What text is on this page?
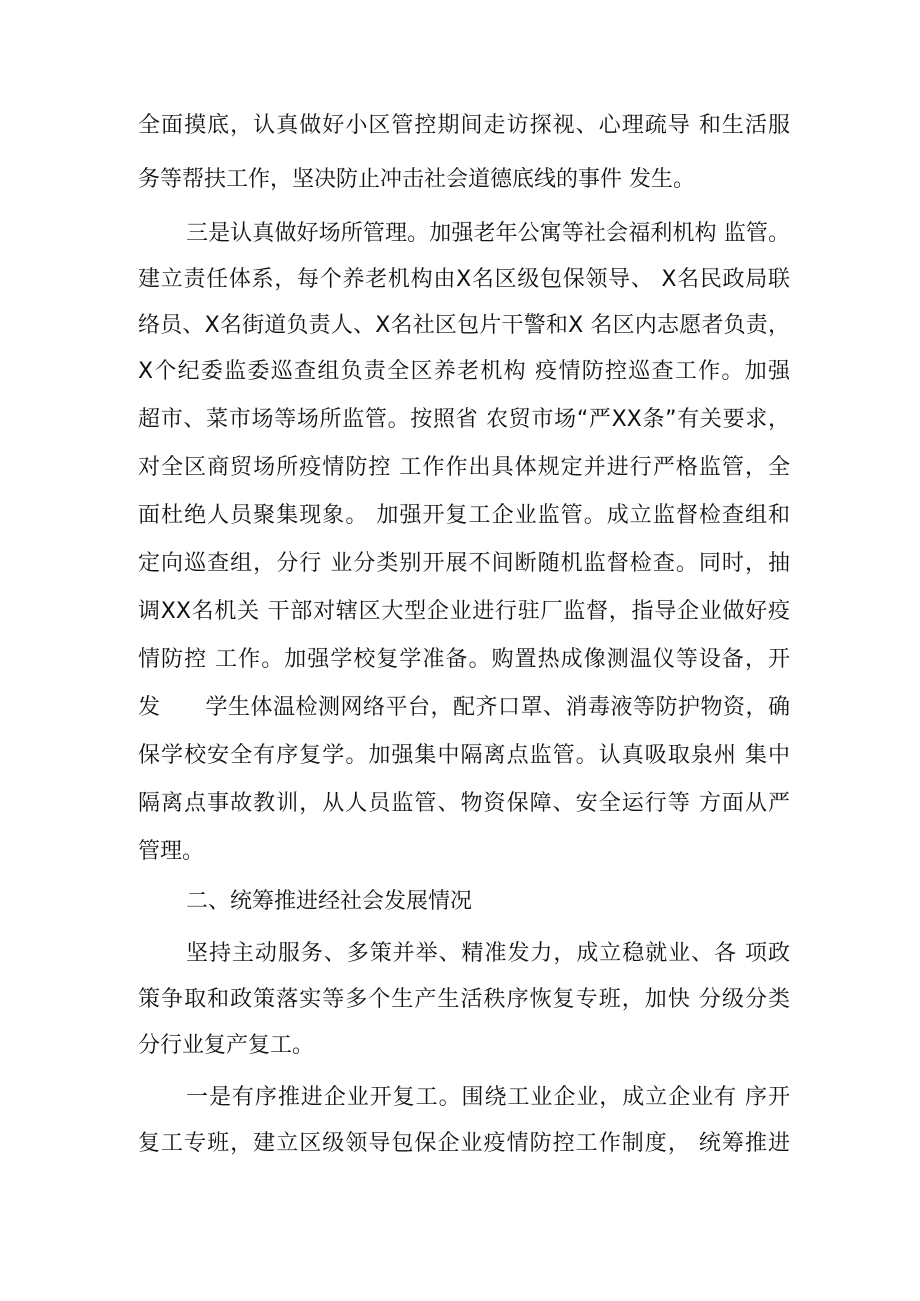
全面摸底，认真做好小区管控期间走访探视、心理疏导 和生活服
务等帮扶工作，坚决防止冲击社会道德底线的事件 发生。
三是认真做好场所管理。加强老年公寓等社会福利机构 监管。
建立责任体系，每个养老机构由X名区级包保领导、 X名民政局联
络员、X名街道负责人、X名社区包片干警和X 名区内志愿者负责，
X个纪委监委巡查组负责全区养老机构 疫情防控巡查工作。加强
超市、菜市场等场所监管。按照省 农贸市场“严XX条”有关要求，
对全区商贸场所疫情防控 工作作出具体规定并进行严格监管，全
面杜绝人员聚集现象。 加强开复工企业监管。成立监督检查组和
定向巡查组，分行 业分类别开展不间断随机监督检查。同时，抽
调XX名机关 干部对辖区大型企业进行驻厂监督，指导企业做好疫
情防控 工作。加强学校复学准备。购置热成像测温仪等设备，开
发      学生体温检测网络平台，配齐口罩、消毒液等防护物资，确
保学校安全有序复学。加强集中隔离点监管。认真吸取泉州 集中
隔离点事故教训，从人员监管、物资保障、安全运行等 方面从严
管理。
二、统筹推进经社会发展情况
坚持主动服务、多策并举、精准发力，成立稳就业、各 项政
策争取和政策落实等多个生产生活秩序恢复专班，加快 分级分类
分行业复产复工。
一是有序推进企业开复工。围绕工业企业，成立企业有 序开
复工专班，建立区级领导包保企业疫情防控工作制度， 统筹推进
